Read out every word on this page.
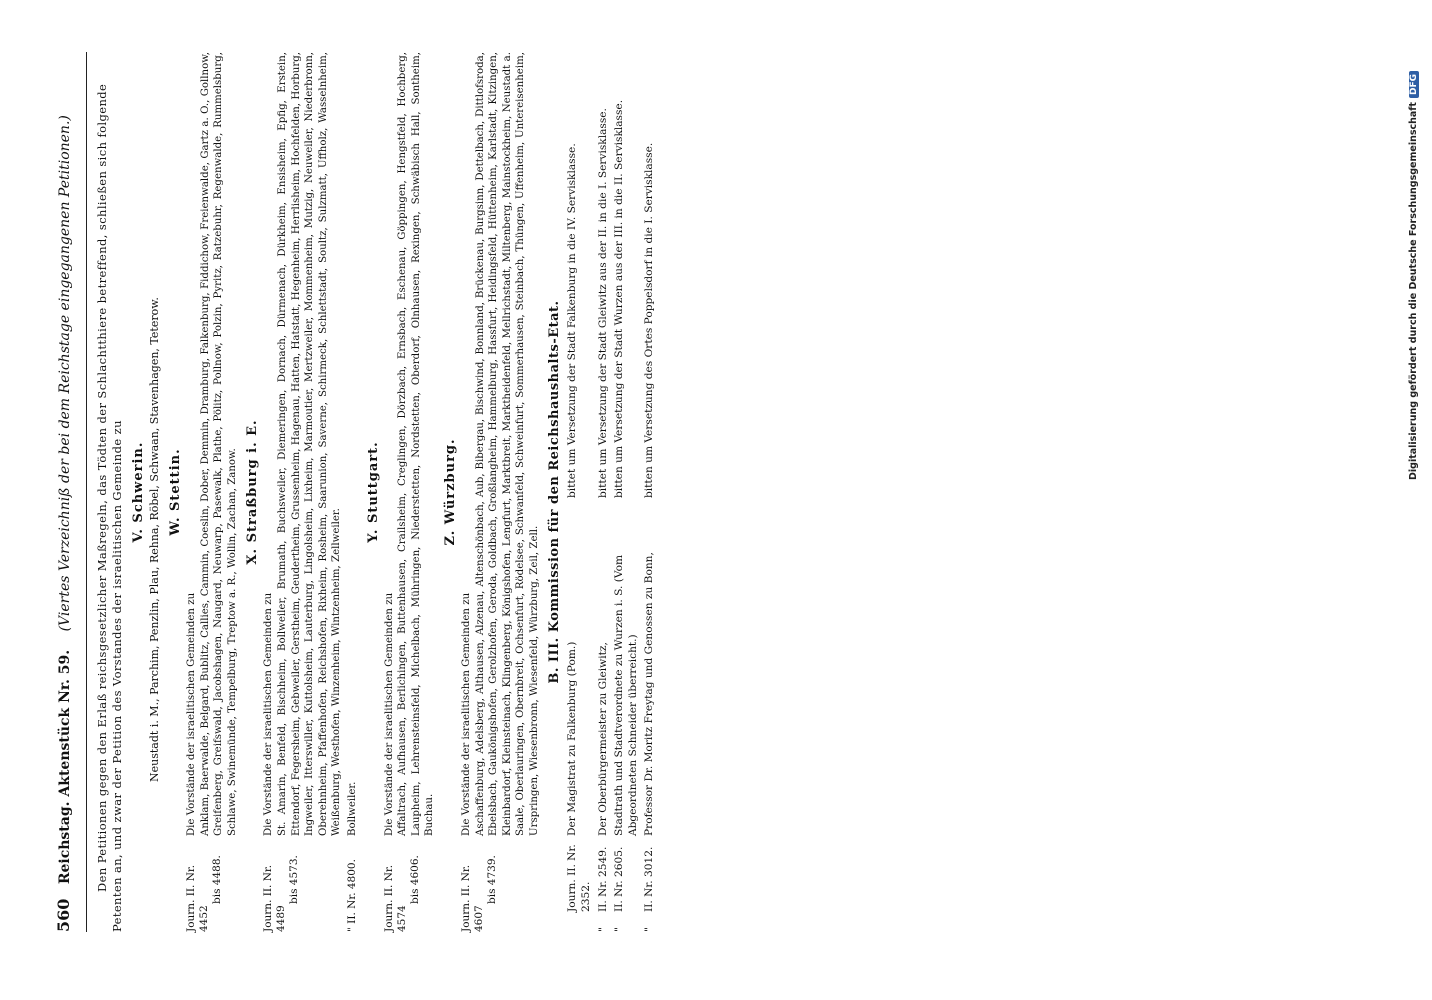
560 Reichstag. Aktenstück Nr. 59. (Viertes Verzeichniß der bei dem Reichstage eingegangenen Petitionen.)	Den Petitionen gegen den Erlaß reichsgesetzlicher Maßregeln, das Tödten der Schlachtthiere betreffend, schließen sich folgende Petenten an, und zwar der Petition des Vorstandes der israelitischen Gemeinde zu V. Schwerin. Neustadt i. M., Parchim, Penzlin, Plau, Rehna, Röbel, Schwaan, Stavenhagen, Teterow. W. Stettin.
Journ. II. Nr. 4452
bis 4488.
Die Vorstände der israelitischen Gemeinden zu Anklam, Baerwalde, Belgard, Bublitz, Callies, Cammin, Coeslin, Dober, Demmin, Dramburg, Falkenburg, Fiddichow, Freienwalde, Gartz a. O., Gollnow, Greifenberg, Greifswald, Jacobshagen, Naugard, Neuwarp, Pasewalk, Plathe, Pölitz, Pollnow, Polzin, Pyritz, Ratzebuhr, Regenwalde, Rummelsburg, Schlawe, Swinemünde, Tempelburg, Treptow a. R., Wollin, Zachan, Zanow. X. Straßburg i. E.
Journ. II. Nr. 4489
bis 4573.
Die Vorstände der israelitischen Gemeinden zu St. Amarin, Benfeld, Bischheim, Bollweiler, Brumath, Buchsweiler, Diemeringen, Dornach, Dürmenach, Dürkheim, Ensisheim, Epfig, Erstein, Ettendorf, Fegersheim, Gebweiler, Gerstheim, Geudertheim, Grussenheim, Hagenau, Hatten, Hatstatt, Hegenheim, Herrlisheim, Hochfelden, Horburg, Ingweiler, Itterswiller, Kuttolsheim, Lauterburg, Lingolsheim, Lixheim, Marmoutier, Mertzweiler, Mommenheim, Mutzig, Neuweiler, Niederbronn, Oberehnheim, Pfaffenhofen, Reichshofen, Rixheim, Rosheim, Saarunion, Saverne, Schirmeck, Schlettstadt, Soultz, Sulzmatt, Uffholz, Wasselnheim, Weißenburg, Westhofen, Winzenheim, Wintzenheim, Zellweiler.
" II. Nr. 4800.
Bollweiler.
Y. Stuttgart.
Journ. II. Nr. 4574
bis 4606.
Die Vorstände der israelitischen Gemeinden zu Affaltrach, Aufhausen, Berlichingen, Buttenhausen, Crailsheim, Creglingen, Dörzbach, Ernsbach, Eschenau, Göppingen, Hengstfeld, Hochberg, Laupheim, Lehrensteinsfeld, Michelbach, Mühringen, Niederstetten, Nordstetten, Oberdorf, Olnhausen, Rexingen, Schwäbisch Hall, Sontheim, Buchau.
Z. Würzburg.
Journ. II. Nr. 4607
bis 4739.
Die Vorstände der israelitischen Gemeinden zu Aschaffenburg, Adelsberg, Althausen, Alzenau, Altenschönbach, Aub, Bibergau, Bischwind, Bonnland, Brückenau, Burgsinn, Dettelbach, Dittlofsroda, Ebelsbach, Gaukönigshofen, Gerolzhofen, Geroda, Goldbach, Großlangheim, Hammelburg, Hassfurt, Heidingsfeld, Hüttenheim, Karlstadt, Kitzingen, Kleinbardorf, Kleinsteinach, Klingenberg, Königshofen, Lengfurt, Marktbreit, Marktheidenfeld, Mellrichstadt, Miltenberg, Mainstockheim, Neustadt a. Saale, Oberlauringen, Obernbreit, Ochsenfurt, Rödelsee, Schwanfeld, Schweinfurt, Sommerhausen, Steinbach, Thüngen, Uffenheim, Untereisenheim, Urspringen, Wiesenbronn, Wiesenfeld, Würzburg, Zeil, Zell. B. III. Kommission für den Reichshaushalts-Etat.
Journ. II. Nr. 2352.
Der Magistrat zu Falkenburg (Pom.)
bittet um Versetzung der Stadt Falkenburg in die IV. Servisklasse.
"
II. Nr. 2549.
Der Oberbürgermeister zu Gleiwitz,
bittet um Versetzung der Stadt Gleiwitz aus der II. in die I. Servisklasse.
"
II. Nr. 2605.
Stadtrath und Stadtverordnete zu Wurzen i. S. (Vom Abgeordneten Schneider überreicht.)
bitten um Versetzung der Stadt Wurzen aus der III. in die II. Servisklasse.
"
II. Nr. 3012.
Professor Dr. Moritz Freytag und Genossen zu Bonn,
bitten um Versetzung des Ortes Poppelsdorf in die I. Servisklasse.	Digitalisierung gefördert durch die Deutsche ForschungsgemeinschaftDFG
